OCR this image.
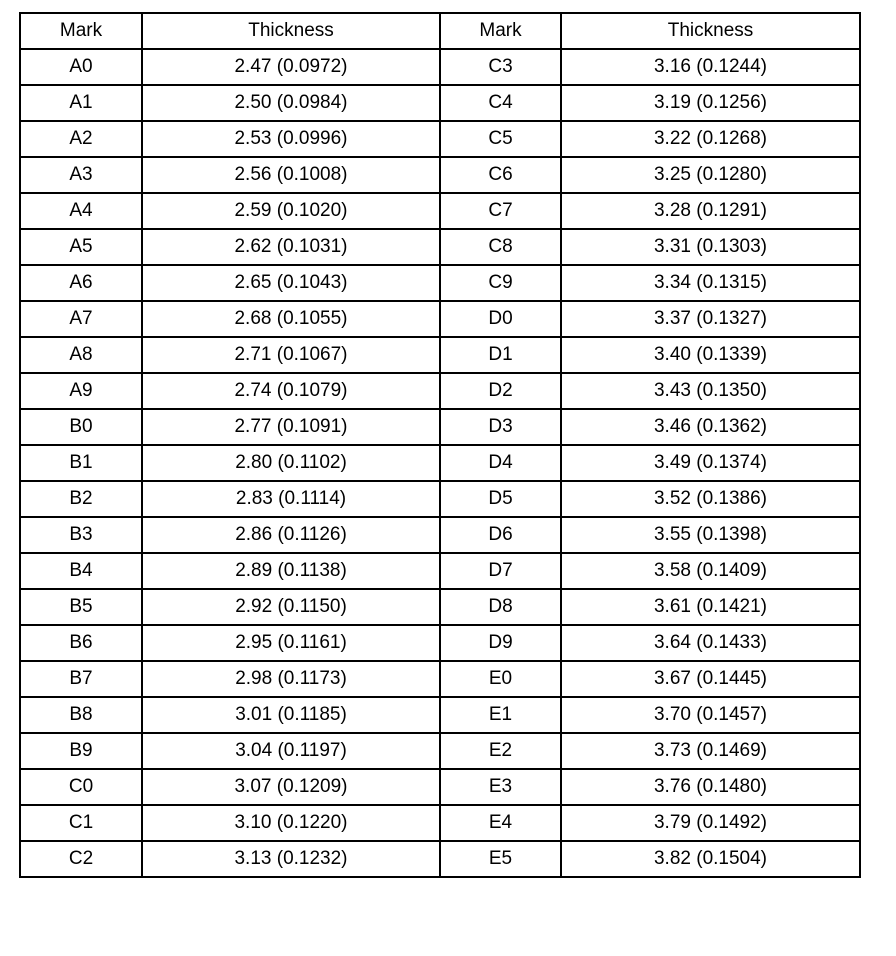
Mark	Thickness	Mark	Thickness
A0	2.47 (0.0972)	C3	3.16 (0.1244)
A1	2.50 (0.0984)	C4	3.19 (0.1256)
A2	2.53 (0.0996)	C5	3.22 (0.1268)
A3	2.56 (0.1008)	C6	3.25 (0.1280)
A4	2.59 (0.1020)	C7	3.28 (0.1291)
A5	2.62 (0.1031)	C8	3.31 (0.1303)
A6	2.65 (0.1043)	C9	3.34 (0.1315)
A7	2.68 (0.1055)	D0	3.37 (0.1327)
A8	2.71 (0.1067)	D1	3.40 (0.1339)
A9	2.74 (0.1079)	D2	3.43 (0.1350)
B0	2.77 (0.1091)	D3	3.46 (0.1362)
B1	2.80 (0.1102)	D4	3.49 (0.1374)
B2	2.83 (0.1114)	D5	3.52 (0.1386)
B3	2.86 (0.1126)	D6	3.55 (0.1398)
B4	2.89 (0.1138)	D7	3.58 (0.1409)
B5	2.92 (0.1150)	D8	3.61 (0.1421)
B6	2.95 (0.1161)	D9	3.64 (0.1433)
B7	2.98 (0.1173)	E0	3.67 (0.1445)
B8	3.01 (0.1185)	E1	3.70 (0.1457)
B9	3.04 (0.1197)	E2	3.73 (0.1469)
C0	3.07 (0.1209)	E3	3.76 (0.1480)
C1	3.10 (0.1220)	E4	3.79 (0.1492)
C2	3.13 (0.1232)	E5	3.82 (0.1504)
